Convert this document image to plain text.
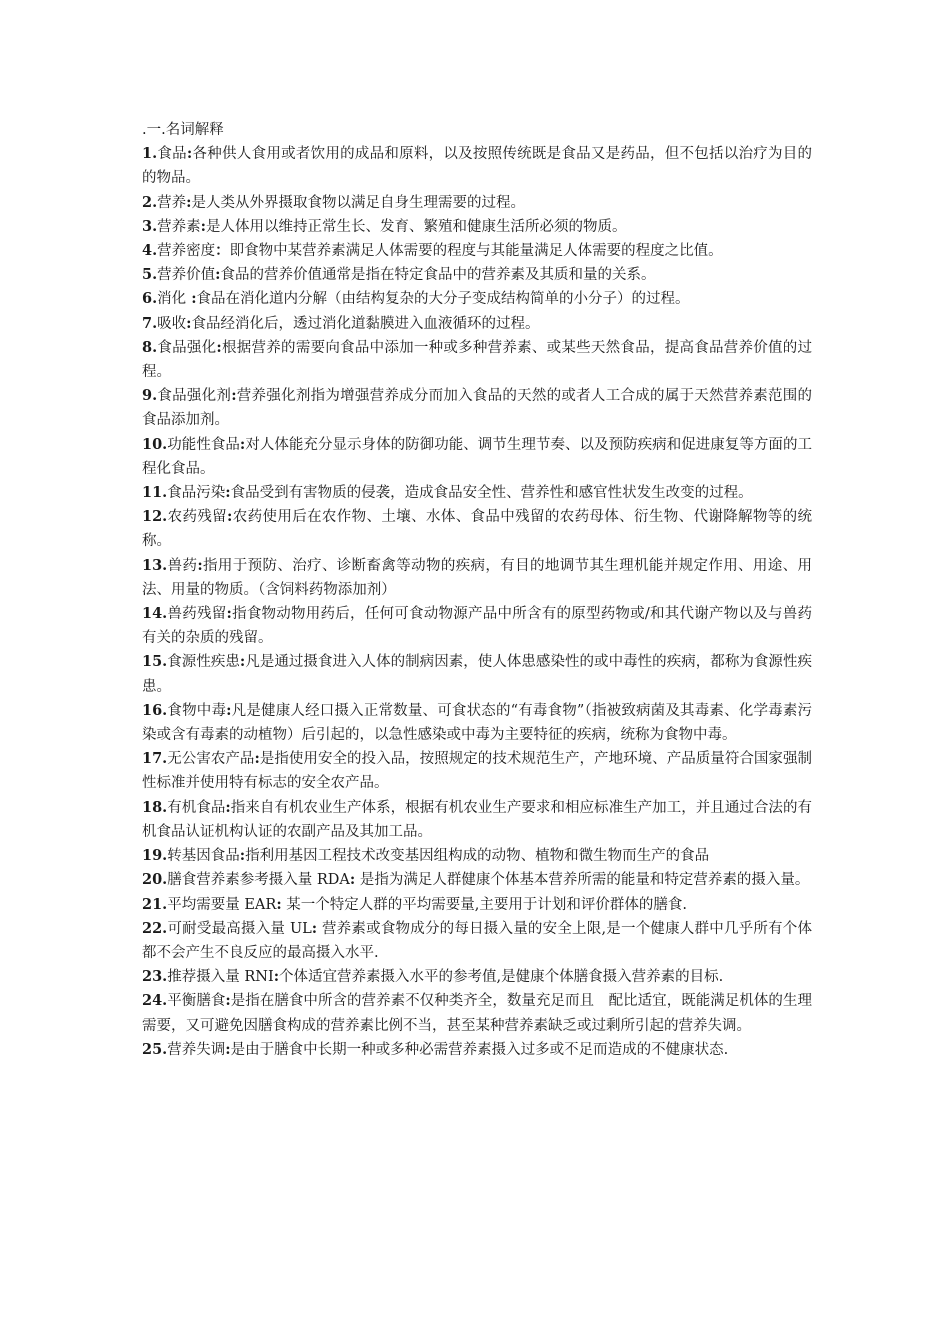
.一.名词解释

1.食品:各种供人食用或者饮用的成品和原料，以及按照传统既是食品又是药品，但不包括以治疗为目的的物品。

2.营养:是人类从外界摄取食物以满足自身生理需要的过程。

3.营养素:是人体用以维持正常生长、发育、繁殖和健康生活所必须的物质。

4.营养密度：即食物中某营养素满足人体需要的程度与其能量满足人体需要的程度之比值。

5.营养价值:食品的营养价值通常是指在特定食品中的营养素及其质和量的关系。

6.消化 :食品在消化道内分解（由结构复杂的大分子变成结构简单的小分子）的过程。

7.吸收:食品经消化后，透过消化道黏膜进入血液循环的过程。

8.食品强化:根据营养的需要向食品中添加一种或多种营养素、或某些天然食品，提高食品营养价值的过程。

9.食品强化剂:营养强化剂指为增强营养成分而加入食品的天然的或者人工合成的属于天然营养素范围的食品添加剂。

10.功能性食品:对人体能充分显示身体的防御功能、调节生理节奏、以及预防疾病和促进康复等方面的工程化食品。

11.食品污染:食品受到有害物质的侵袭，造成食品安全性、营养性和感官性状发生改变的过程。

12.农药残留:农药使用后在农作物、土壤、水体、食品中残留的农药母体、衍生物、代谢降解物等的统称。

13.兽药:指用于预防、治疗、诊断畜禽等动物的疾病，有目的地调节其生理机能并规定作用、用途、用法、用量的物质。（含饲料药物添加剂）

14.兽药残留:指食物动物用药后，任何可食动物源产品中所含有的原型药物或/和其代谢产物以及与兽药有关的杂质的残留。

15.食源性疾患:凡是通过摄食进入人体的制病因素，使人体患感染性的或中毒性的疾病，都称为食源性疾患。

16.食物中毒:凡是健康人经口摄入正常数量、可食状态的“有毒食物”（指被致病菌及其毒素、化学毒素污染或含有毒素的动植物）后引起的，以急性感染或中毒为主要特征的疾病，统称为食物中毒。

17.无公害农产品:是指使用安全的投入品，按照规定的技术规范生产，产地环境、产品质量符合国家强制性标准并使用特有标志的安全农产品。

18.有机食品:指来自有机农业生产体系，根据有机农业生产要求和相应标准生产加工，并且通过合法的有机食品认证机构认证的农副产品及其加工品。

19.转基因食品:指利用基因工程技术改变基因组构成的动物、植物和微生物而生产的食品

20.膳食营养素参考摄入量 RDA: 是指为满足人群健康个体基本营养所需的能量和特定营养素的摄入量。

21.平均需要量 EAR: 某一个特定人群的平均需要量,主要用于计划和评价群体的膳食.

22.可耐受最高摄入量 UL: 营养素或食物成分的每日摄入量的安全上限,是一个健康人群中几乎所有个体都不会产生不良反应的最高摄入水平.

23.推荐摄入量 RNI:个体适宜营养素摄入水平的参考值,是健康个体膳食摄入营养素的目标.

24.平衡膳食:是指在膳食中所含的营养素不仅种类齐全，数量充足而且　配比适宜，既能满足机体的生理需要，又可避免因膳食构成的营养素比例不当，甚至某种营养素缺乏或过剩所引起的营养失调。

25.营养失调:是由于膳食中长期一种或多种必需营养素摄入过多或不足而造成的不健康状态.
